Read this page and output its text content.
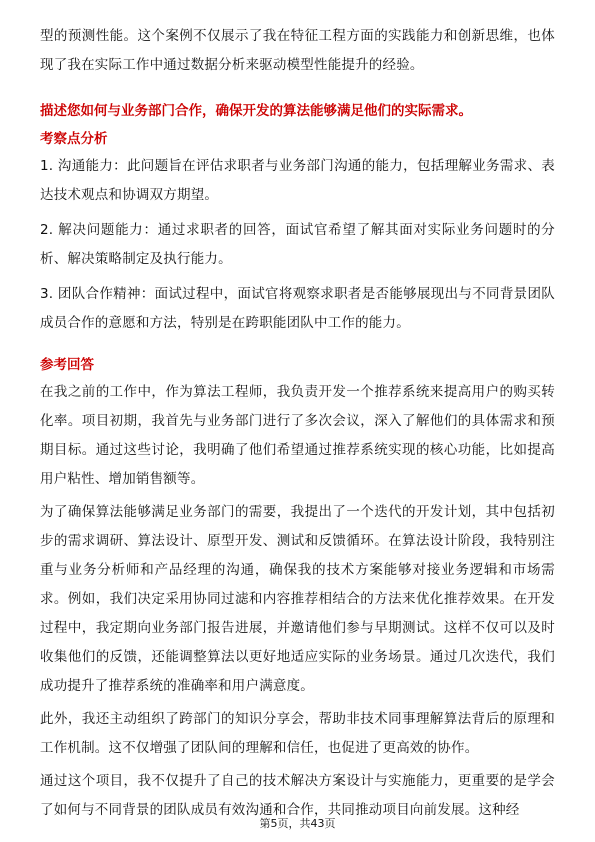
型的预测性能。这个案例不仅展示了我在特征工程方面的实践能力和创新思维，也体现了我在实际工作中通过数据分析来驱动模型性能提升的经验。

描述您如何与业务部门合作，确保开发的算法能够满足他们的实际需求。
考察点分析

1. 沟通能力：此问题旨在评估求职者与业务部门沟通的能力，包括理解业务需求、表达技术观点和协调双方期望。

2. 解决问题能力：通过求职者的回答，面试官希望了解其面对实际业务问题时的分析、解决策略制定及执行能力。

3. 团队合作精神：面试过程中，面试官将观察求职者是否能够展现出与不同背景团队成员合作的意愿和方法，特别是在跨职能团队中工作的能力。

参考回答

在我之前的工作中，作为算法工程师，我负责开发一个推荐系统来提高用户的购买转化率。项目初期，我首先与业务部门进行了多次会议，深入了解他们的具体需求和预期目标。通过这些讨论，我明确了他们希望通过推荐系统实现的核心功能，比如提高用户粘性、增加销售额等。

为了确保算法能够满足业务部门的需要，我提出了一个迭代的开发计划，其中包括初步的需求调研、算法设计、原型开发、测试和反馈循环。在算法设计阶段，我特别注重与业务分析师和产品经理的沟通，确保我的技术方案能够对接业务逻辑和市场需求。例如，我们决定采用协同过滤和内容推荐相结合的方法来优化推荐效果。在开发过程中，我定期向业务部门报告进展，并邀请他们参与早期测试。这样不仅可以及时收集他们的反馈，还能调整算法以更好地适应实际的业务场景。通过几次迭代，我们成功提升了推荐系统的准确率和用户满意度。

此外，我还主动组织了跨部门的知识分享会，帮助非技术同事理解算法背后的原理和工作机制。这不仅增强了团队间的理解和信任，也促进了更高效的协作。

通过这个项目，我不仅提升了自己的技术解决方案设计与实施能力，更重要的是学会了如何与不同背景的团队成员有效沟通和合作，共同推动项目向前发展。这种经

第5页，共43页
